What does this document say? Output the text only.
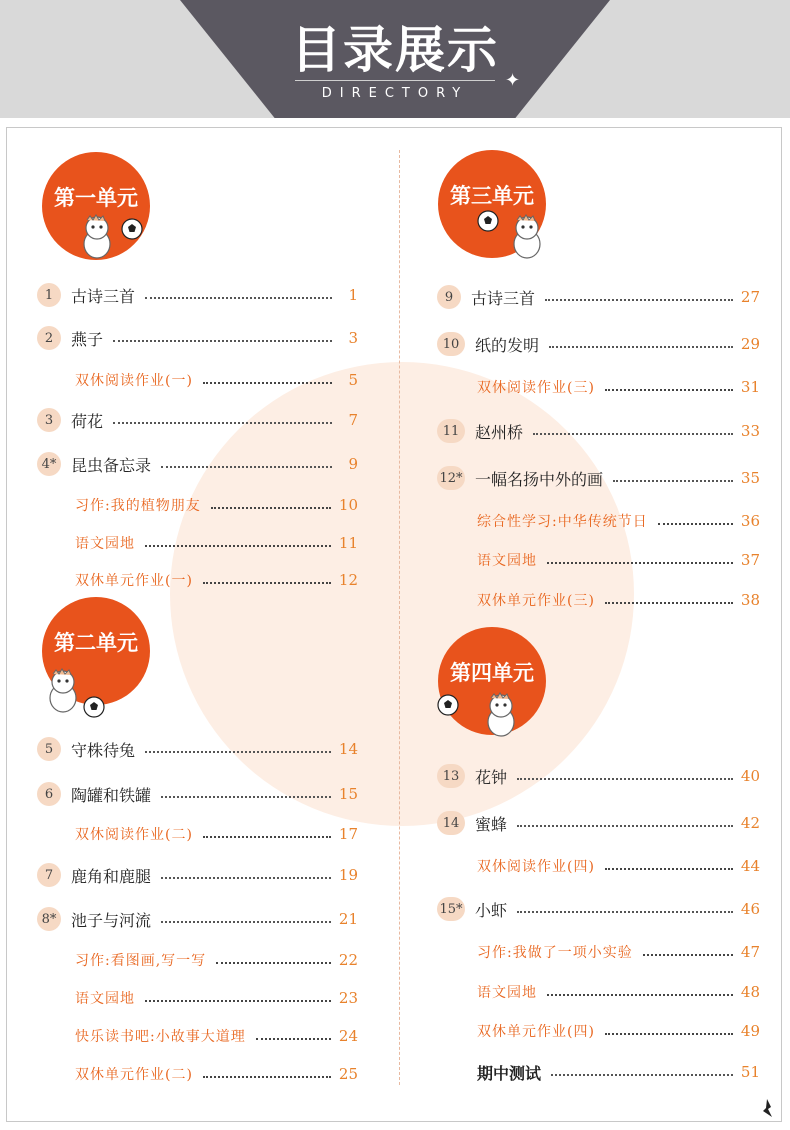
目录展示
DIRECTORY
✦
第一单元
第二单元
第三单元
第四单元
1	古诗三首	1
2	燕子	3
双休阅读作业(一)	5
3	荷花	7
4* 昆虫备忘录	9
习作:我的植物朋友	10
语文园地	11
双休单元作业(一)	12
5	守株待兔	14
6	陶罐和铁罐	15
双休阅读作业(二)	17
7	鹿角和鹿腿	19
8* 池子与河流	21
习作:看图画,写一写	22
语文园地	23
快乐读书吧:小故事大道理	24
双休单元作业(二)	25
9	古诗三首	27
10 纸的发明	29
双休阅读作业(三)	31
11 赵州桥	33
12* 一幅名扬中外的画	35
综合性学习:中华传统节日	36
语文园地	37
双休单元作业(三)	38
13 花钟	40
14 蜜蜂	42
双休阅读作业(四)	44
15* 小虾	46
习作:我做了一项小实验	47
语文园地	48
双休单元作业(四)	49
期中测试	51
